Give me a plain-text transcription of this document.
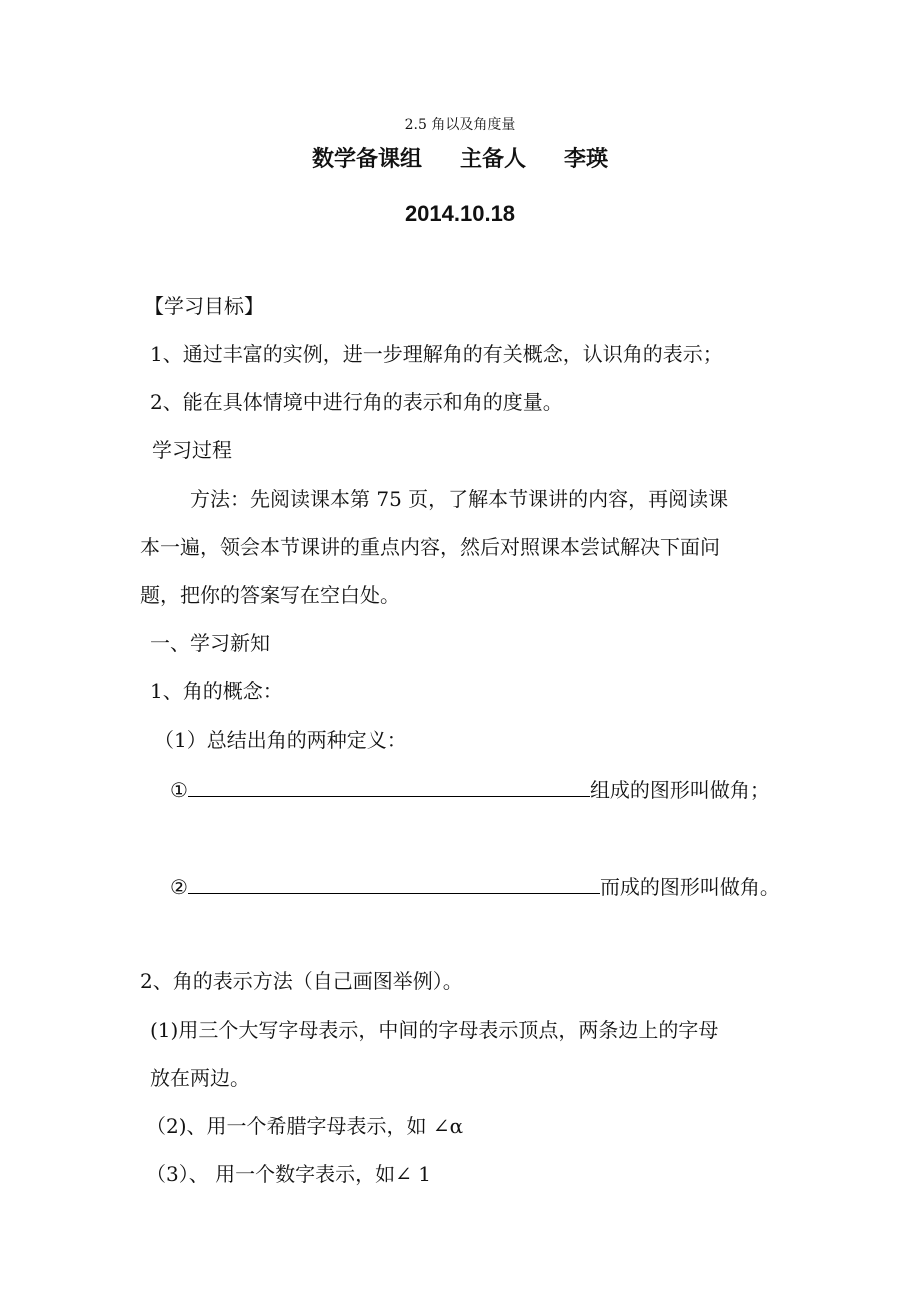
2.5 角以及角度量
数学备课组 主备人 李瑛
2014.10.18
【学习目标】
1、通过丰富的实例，进一步理解角的有关概念，认识角的表示；
2、能在具体情境中进行角的表示和角的度量。
学习过程
方法：先阅读课本第 75 页，了解本节课讲的内容，再阅读课
本一遍，领会本节课讲的重点内容，然后对照课本尝试解决下面问
题，把你的答案写在空白处。
一、学习新知
1、角的概念：
（1）总结出角的两种定义：
①	组成的图形叫做角；
②	而成的图形叫做角。
2、角的表示方法（自己画图举例）。
(1)用三个大写字母表示，中间的字母表示顶点，两条边上的字母
放在两边。
（2)、用一个希腊字母表示，如 ∠α
（3）、 用一个数字表示，如∠ 1
